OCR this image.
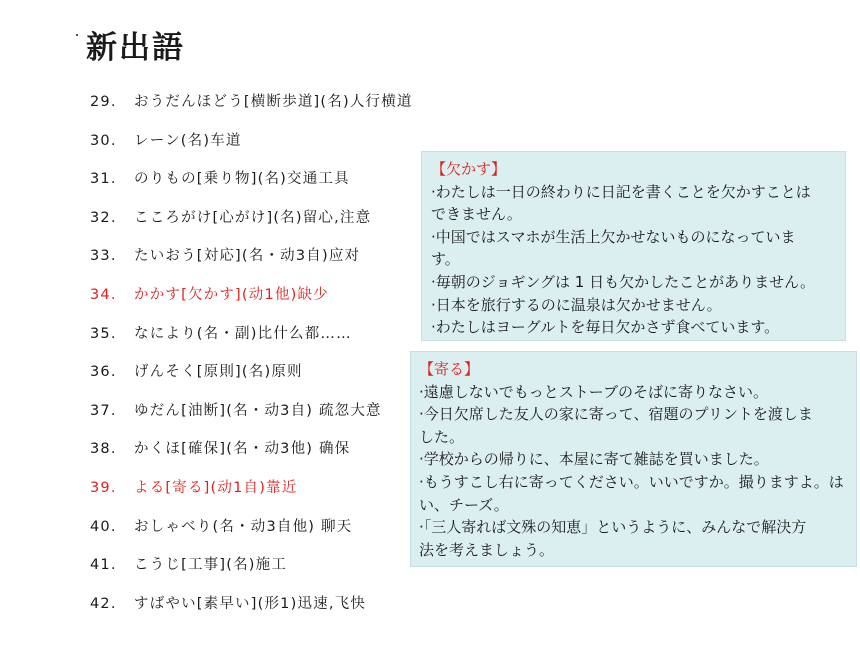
新出語
29.	おうだんほどう[横断歩道](名)人行横道
30.	レーン(名)车道
31.	のりもの[乗り物](名)交通工具
32.	こころがけ[心がけ](名)留心,注意
33.	たいおう[対応](名・动3自)应对
34.	かかす[欠かす](动1他)缺少
35.	なにより(名・副)比什么都……
36.	げんそく[原則](名)原则
37.	ゆだん[油断](名・动3自) 疏忽大意
38.	かくほ[確保](名・动3他) 确保
39.	よる[寄る](动1自)靠近
40.	おしゃべり(名・动3自他) 聊天
41.	こうじ[工事](名)施工
42.	すばやい[素早い](形1)迅速,飞快

【欠かす】

·わたしは一日の終わりに日記を書くことを欠かすことは

できません。

·中国ではスマホが生活上欠かせないものになっていま

す。

·毎朝のジョギングは 1 日も欠かしたことがありません。

·日本を旅行するのに温泉は欠かせません。

·わたしはヨーグルトを毎日欠かさず食べています。

【寄る】

·遠慮しないでもっとストーブのそばに寄りなさい。

·今日欠席した友人の家に寄って、宿題のプリントを渡しま

した。

·学校からの帰りに、本屋に寄て雑誌を買いました。

·もうすこし右に寄ってください。いいですか。撮りますよ。は

い、チーズ。

·「三人寄れば文殊の知恵」というように、みんなで解決方

法を考えましょう。
